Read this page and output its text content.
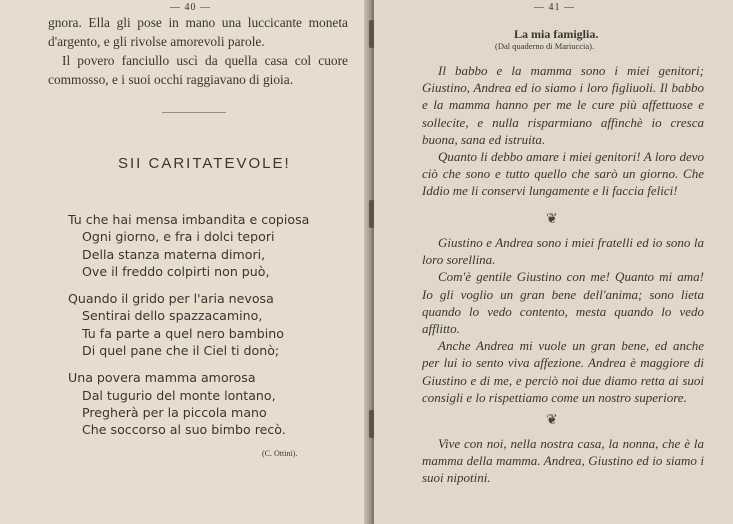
— 40 —

gnora. Ella gli pose in mano una luccicante moneta d'argento, e gli rivolse amorevoli parole.

Il povero fanciullo uscì da quella casa col cuore commosso, e i suoi occhi raggiavano di gioia.

SII CARITATEVOLE!
Tu che hai mensa imbandita e copiosa
Ogni giorno, e fra i dolci tepori
Della stanza materna dimori,
Ove il freddo colpirti non può,
Quando il grido per l'aria nevosa
Sentirai dello spazzacamino,
Tu fa parte a quel nero bambino
Di quel pane che il Ciel ti donò;
Una povera mamma amorosa
Dal tugurio del monte lontano,
Pregherà per la piccola mano
Che soccorso al suo bimbo recò.
(C. Ottini).
— 41 —
La mia famiglia.
(Dal quaderno di Mariuccia).

Il babbo e la mamma sono i miei genitori; Giustino, Andrea ed io siamo i loro figliuoli. Il babbo e la mamma hanno per me le cure più affettuose e sollecite, e nulla risparmiano affinchè io cresca buona, sana ed istruita.

Quanto li debbo amare i miei genitori! A loro devo ciò che sono e tutto quello che sarò un giorno. Che Iddio me li conservi lungamente e li faccia felici!

❦

Giustino e Andrea sono i miei fratelli ed io sono la loro sorellina.

Com'è gentile Giustino con me! Quanto mi ama! Io gli voglio un gran bene dell'anima; sono lieta quando lo vedo contento, mesta quando lo vedo afflitto.

Anche Andrea mi vuole un gran bene, ed anche per lui io sento viva affezione. Andrea è maggiore di Giustino e di me, e perciò noi due diamo retta ai suoi consigli e lo rispettiamo come un nostro superiore.

❦

Vive con noi, nella nostra casa, la nonna, che è la mamma della mamma. Andrea, Giustino ed io siamo i suoi nipotini.
